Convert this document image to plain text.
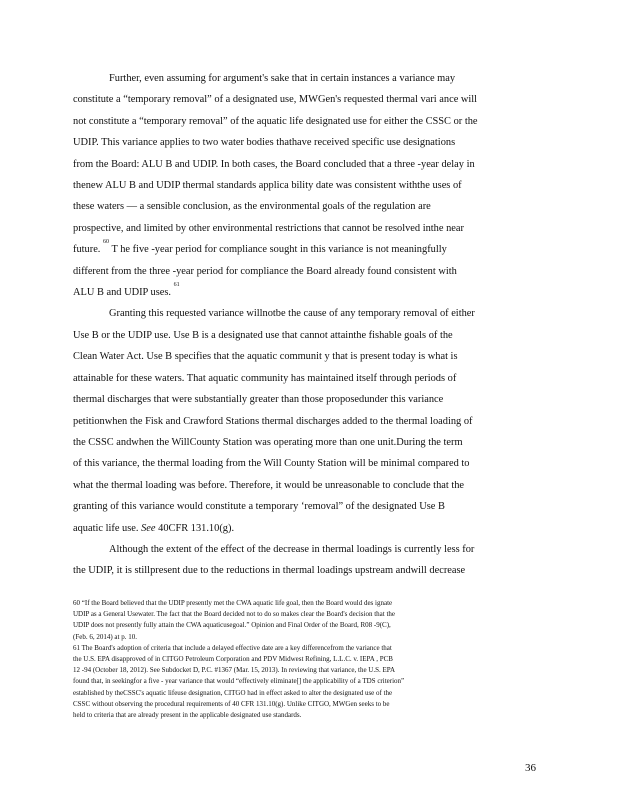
Further, even assuming for argument's sake that in certain instances a variance may
constitute a “temporary removal” of a designated use, MWGen's requested thermal vari ance will
not constitute a “temporary removal” of the aquatic life designated use for either the CSSC or the
UDIP. This variance applies to two water bodies thathave received specific use designations
from the Board: ALU B and UDIP. In both cases, the Board concluded that a three -year delay in
thenew ALU B and UDIP thermal standards applica bility date was consistent withthe uses of
these waters — a sensible conclusion, as the environmental goals of the regulation are
prospective, and limited by other environmental restrictions that cannot be resolved inthe near
future. $^{60}$ T he five -year period for compliance sought in this variance is not meaningfully
different from the three -year period for compliance the Board already found consistent with
ALU B and UDIP uses. $^{61}$
Granting this requested variance willnotbe the cause of any temporary removal of either
Use B or the UDIP use. Use B is a designated use that cannot attainthe fishable goals of the
Clean Water Act. Use B specifies that the aquatic communit y that is present today is what is
attainable for these waters. That aquatic community has maintained itself through periods of
thermal discharges that were substantially greater than those proposedunder this variance
petitionwhen the Fisk and Crawford Stations thermal discharges added to the thermal loading of
the CSSC andwhen the WillCounty Station was operating more than one unit.During the term
of this variance, the thermal loading from the Will County Station will be minimal compared to
what the thermal loading was before. Therefore, it would be unreasonable to conclude that the
granting of this variance would constitute a temporary ‘removal” of the designated Use B
aquatic life use. See 40CFR 131.10(g).
Although the extent of the effect of the decrease in thermal loadings is currently less for
the UDIP, it is stillpresent due to the reductions in thermal loadings upstream andwill decrease
60 “If the Board believed that the UDIP presently met the CWA aquatic life goal, then the Board would des ignate
UDIP as a General Usewater. The fact that the Board decided not to do so makes clear the Board's decision that the
UDIP does not presently fully attain the CWA aquaticusegoal.” Opinion and Final Order of the Board, R08 -9(C),
(Feb. 6, 2014) at p. 10.
61 The Board's adoption of criteria that include a delayed effective date are a key differencefrom the variance that
the U.S. EPA disapproved of in CITGO Petroleum Corporation and PDV Midwest Refining, L.L.C. v. IEPA , PCB
12 -94 (October 18, 2012). See Subdocket D, P.C. #1367 (Mar. 15, 2013). In reviewing that variance, the U.S. EPA
found that, in seekingfor a five - year variance that would “effectively eliminate[] the applicability of a TDS criterion”
established by theCSSC's aquatic lifeuse designation, CITGO had in effect asked to alter the designated use of the
CSSC without observing the procedural requirements of 40 CFR 131.10(g). Unlike CITGO, MWGen seeks to be
held to criteria that are already present in the applicable designated use standards.
36
